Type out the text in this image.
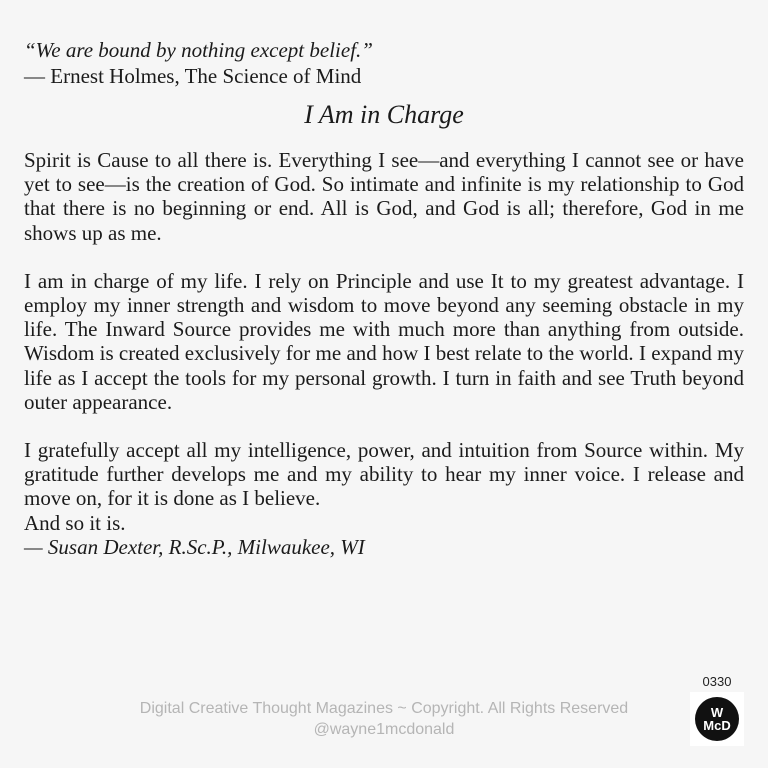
“We are bound by nothing except belief.”
— Ernest Holmes, The Science of Mind
I Am in Charge

Spirit is Cause to all there is. Everything I see—and everything I cannot see or have yet to see—is the creation of God. So intimate and infinite is my relationship to God that there is no beginning or end. All is God, and God is all; therefore, God in me shows up as me.

I am in charge of my life. I rely on Principle and use It to my greatest advantage. I employ my inner strength and wisdom to move beyond any seeming obstacle in my life. The Inward Source provides me with much more than anything from outside. Wisdom is created exclusively for me and how I best relate to the world. I expand my life as I accept the tools for my personal growth. I turn in faith and see Truth beyond outer appearance.

I gratefully accept all my intelligence, power, and intuition from Source within. My gratitude further develops me and my ability to hear my inner voice. I release and move on, for it is done as I believe.

And so it is.

— Susan Dexter, R.Sc.P., Milwaukee, WI

Digital Creative Thought Magazines ~ Copyright. All Rights Reserved
@wayne1mcdonald
0330
W
McD
